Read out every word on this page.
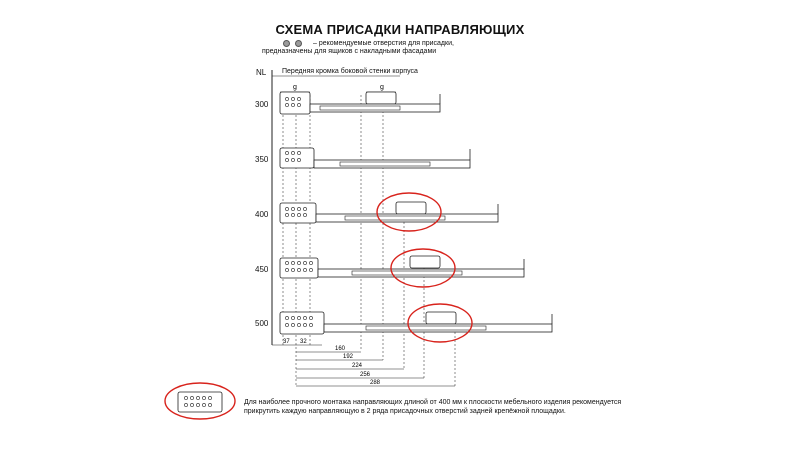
СХЕМА ПРИСАДКИ НАПРАВЛЯЮЩИХ
– рекомендуемые отверстия для присадки,
предназначены для ящиков с накладными фасадами
NL Передняя кромка боковой стенки корпуса
300
350
400
450
500
g	g
37 32
160
192
224
256
288
Для наиболее прочного монтажа направляющих длиной от 400 мм к плоскости мебельного изделия рекомендуется прикрутить каждую направляющую в 2 ряда присадочных отверстий задней крепёжной площадки.
